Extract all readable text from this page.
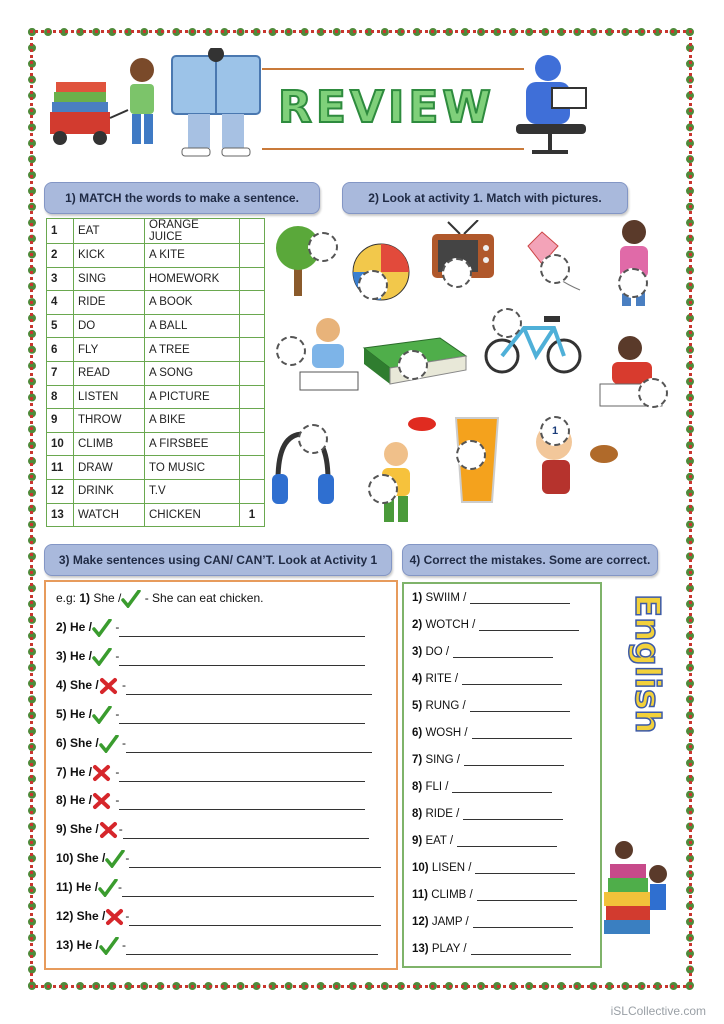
REVIEW
1) MATCH the words to make a sentence.	2) Look at activity 1. Match with pictures.
3) Make sentences using CAN/ CAN’T. Look at Activity 1	4) Correct the mistakes. Some are correct.
1	EAT	ORANGE JUICE	
2	KICK	A KITE	
3	SING	HOMEWORK	
4	RIDE	A BOOK	
5	DO	A BALL	
6	FLY	A TREE	
7	READ	A SONG	
8	LISTEN	A PICTURE	
9	THROW	A BIKE	
10	CLIMB	A FIRSBEE	
11	DRAW	TO MUSIC	
12	DRINK	T.V	
13	WATCH	CHICKEN	1
1
e.g: 1) She / - She can eat chicken.
2) He / -
3) He / -
4) She / -
5) He / -
6) She / -
7) He / -
8) He / -
9) She / -
10) She / -
11) He / -
12) She / -
13) He / -
1) SWIIM /
2) WOTCH /
3) DO /
4) RITE /
5) RUNG /
6) WOSH /
7) SING /
8) FLI /
8) RIDE /
9) EAT /
10) LISEN /
11) CLIMB /
12) JAMP /
13) PLAY /
English
iSLCollective.com
